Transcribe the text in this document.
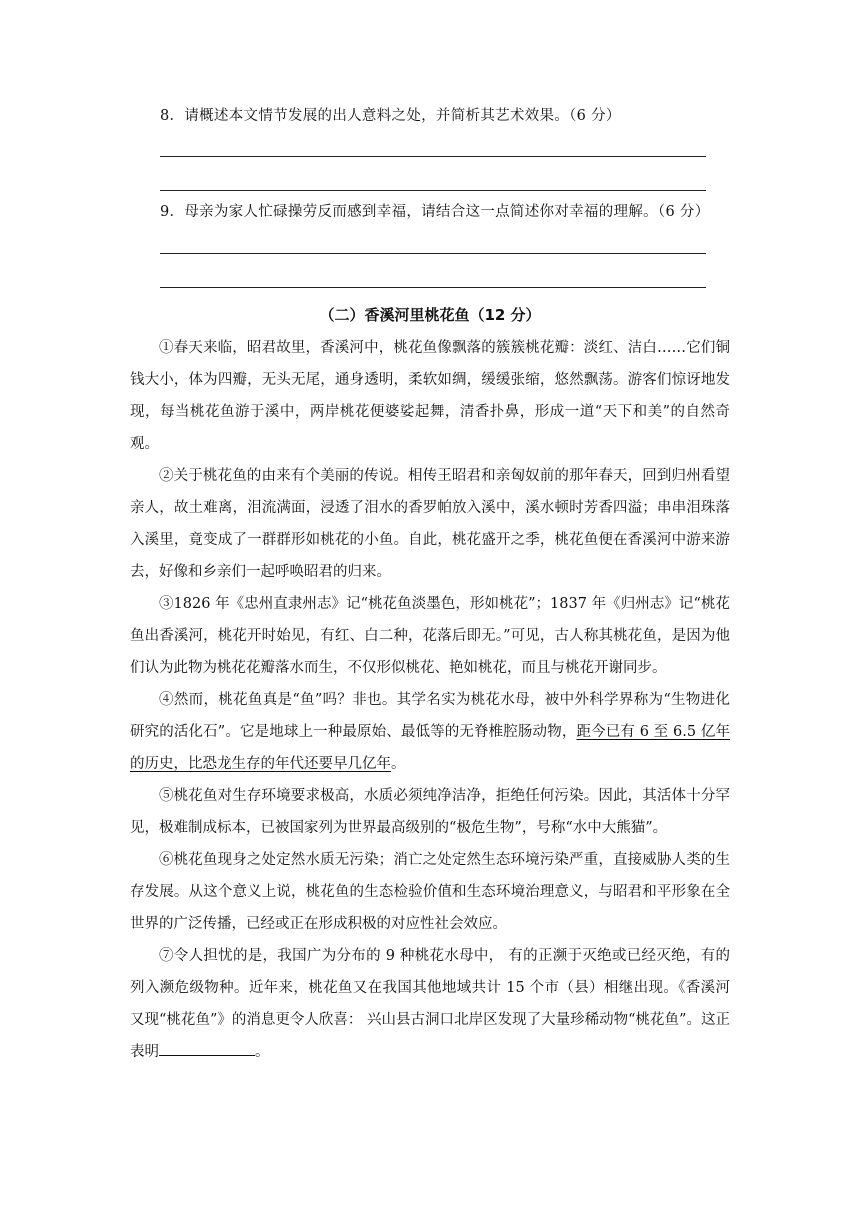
8．请概述本文情节发展的出人意料之处，并简析其艺术效果。（6 分）
9．母亲为家人忙碌操劳反而感到幸福，请结合这一点简述你对幸福的理解。（6 分）
（二）香溪河里桃花鱼（12 分）

①春天来临，昭君故里，香溪河中，桃花鱼像飘落的簇簇桃花瓣：淡红、洁白……它们铜钱大小，体为四瓣，无头无尾，通身透明，柔软如绸，缓缓张缩，悠然飘荡。游客们惊讶地发现，每当桃花鱼游于溪中，两岸桃花便婆娑起舞，清香扑鼻，形成一道“天下和美”的自然奇观。

②关于桃花鱼的由来有个美丽的传说。相传王昭君和亲匈奴前的那年春天，回到归州看望亲人，故土难离，泪流满面，浸透了泪水的香罗帕放入溪中，溪水顿时芳香四溢；串串泪珠落入溪里，竟变成了一群群形如桃花的小鱼。自此，桃花盛开之季，桃花鱼便在香溪河中游来游去，好像和乡亲们一起呼唤昭君的归来。

③1826 年《忠州直隶州志》记“桃花鱼淡墨色，形如桃花”；1837 年《归州志》记“桃花鱼出香溪河，桃花开时始见，有红、白二种，花落后即无。”可见，古人称其桃花鱼，是因为他们认为此物为桃花花瓣落水而生，不仅形似桃花、艳如桃花，而且与桃花开谢同步。

④然而，桃花鱼真是“鱼”吗？非也。其学名实为桃花水母，被中外科学界称为“生物进化研究的活化石”。它是地球上一种最原始、最低等的无脊椎腔肠动物，距今已有 6 至 6.5 亿年的历史，比恐龙生存的年代还要早几亿年。

⑤桃花鱼对生存环境要求极高，水质必须纯净洁净，拒绝任何污染。因此，其活体十分罕见，极难制成标本，已被国家列为世界最高级别的“极危生物”，号称“水中大熊猫”。

⑥桃花鱼现身之处定然水质无污染；消亡之处定然生态环境污染严重，直接威胁人类的生存发展。从这个意义上说，桃花鱼的生态检验价值和生态环境治理意义，与昭君和平形象在全世界的广泛传播，已经或正在形成积极的对应性社会效应。

⑦令人担忧的是，我国广为分布的 9 种桃花水母中， 有的正濒于灭绝或已经灭绝，有的列入濒危级物种。近年来，桃花鱼又在我国其他地域共计 15 个市（县）相继出现。《香溪河又现“桃花鱼”》的消息更令人欣喜： 兴山县古洞口北岸区发现了大量珍稀动物“桃花鱼”。这正表明	。
